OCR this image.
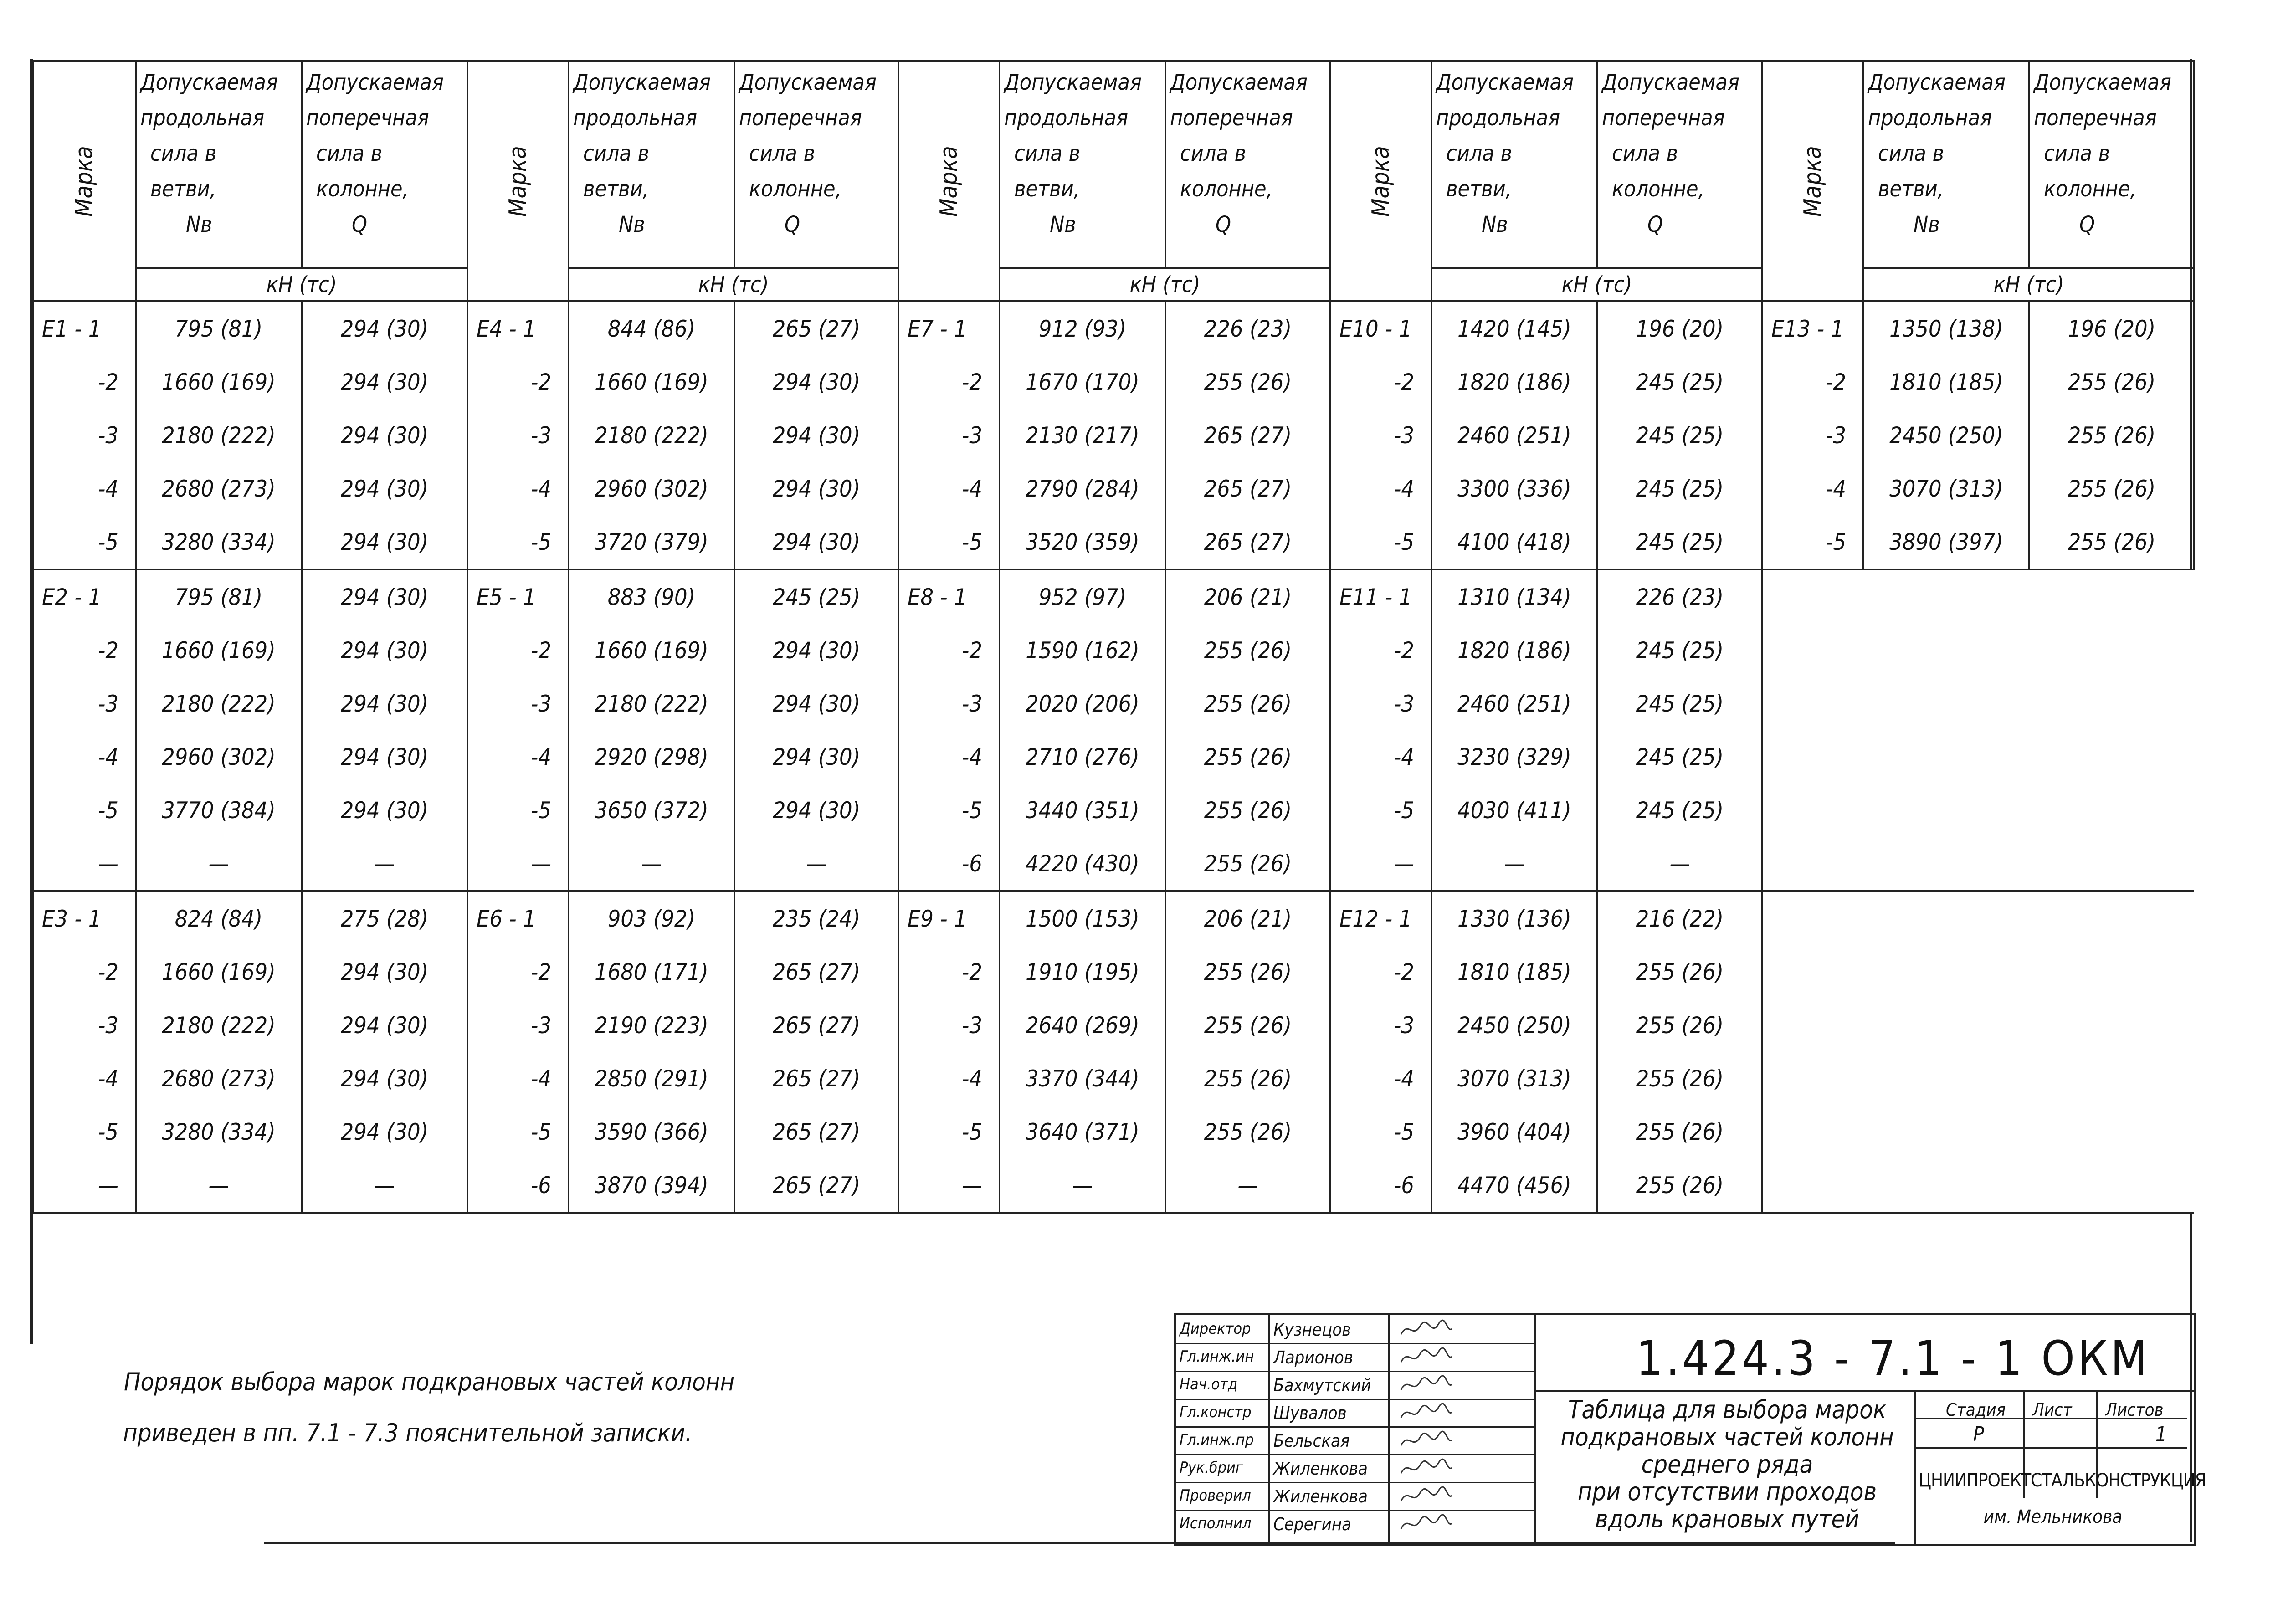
Марка	Допускаемая
продольная
сила в
ветви,
Nв	Допускаемая
поперечная
сила в
колонне,
Q	Марка	Допускаемая
продольная
сила в
ветви,
Nв	Допускаемая
поперечная
сила в
колонне,
Q	Марка	Допускаемая
продольная
сила в
ветви,
Nв	Допускаемая
поперечная
сила в
колонне,
Q	Марка	Допускаемая
продольная
сила в
ветви,
Nв	Допускаемая
поперечная
сила в
колонне,
Q	Марка	Допускаемая
продольная
сила в
ветви,
Nв	Допускаемая
поперечная
сила в
колонне,
Q

	кН (тс)			кН (тс)			кН (тс)			кН (тс)			кН (тс)	
Е1 - 1	795 (81)	294 (30)	Е4 - 1	844 (86)	265 (27)	Е7 - 1	912 (93)	226 (23)	Е10 - 1	1420 (145)	196 (20)	Е13 - 1	1350 (138)	196 (20)
-2	1660 (169)	294 (30)	-2	1660 (169)	294 (30)	-2	1670 (170)	255 (26)	-2	1820 (186)	245 (25)	-2	1810 (185)	255 (26)
-3	2180 (222)	294 (30)	-3	2180 (222)	294 (30)	-3	2130 (217)	265 (27)	-3	2460 (251)	245 (25)	-3	2450 (250)	255 (26)
-4	2680 (273)	294 (30)	-4	2960 (302)	294 (30)	-4	2790 (284)	265 (27)	-4	3300 (336)	245 (25)	-4	3070 (313)	255 (26)
-5	3280 (334)	294 (30)	-5	3720 (379)	294 (30)	-5	3520 (359)	265 (27)	-5	4100 (418)	245 (25)	-5	3890 (397)	255 (26)
Е2 - 1	795 (81)	294 (30)	Е5 - 1	883 (90)	245 (25)	Е8 - 1	952 (97)	206 (21)	Е11 - 1	1310 (134)	226 (23)			
-2	1660 (169)	294 (30)	-2	1660 (169)	294 (30)	-2	1590 (162)	255 (26)	-2	1820 (186)	245 (25)			
-3	2180 (222)	294 (30)	-3	2180 (222)	294 (30)	-3	2020 (206)	255 (26)	-3	2460 (251)	245 (25)			
-4	2960 (302)	294 (30)	-4	2920 (298)	294 (30)	-4	2710 (276)	255 (26)	-4	3230 (329)	245 (25)			
-5	3770 (384)	294 (30)	-5	3650 (372)	294 (30)	-5	3440 (351)	255 (26)	-5	4030 (411)	245 (25)			
—	—	—	—	—	—	-6	4220 (430)	255 (26)	—	—	—			
Е3 - 1	824 (84)	275 (28)	Е6 - 1	903 (92)	235 (24)	Е9 - 1	1500 (153)	206 (21)	Е12 - 1	1330 (136)	216 (22)			
-2	1660 (169)	294 (30)	-2	1680 (171)	265 (27)	-2	1910 (195)	255 (26)	-2	1810 (185)	255 (26)			
-3	2180 (222)	294 (30)	-3	2190 (223)	265 (27)	-3	2640 (269)	255 (26)	-3	2450 (250)	255 (26)			
-4	2680 (273)	294 (30)	-4	2850 (291)	265 (27)	-4	3370 (344)	255 (26)	-4	3070 (313)	255 (26)			
-5	3280 (334)	294 (30)	-5	3590 (366)	265 (27)	-5	3640 (371)	255 (26)	-5	3960 (404)	255 (26)			
—	—	—	-6	3870 (394)	265 (27)	—	—	—	-6	4470 (456)	255 (26)			
Порядок выбора марок подкрановых частей колонн
приведен в пп. 7.1 - 7.3 пояснительной записки.
Директор Кузнецов
Гл.инж.ин Ларионов
Нач.отд Бахмутский
Гл.констр Шувалов
Гл.инж.пр Бельская
Рук.бриг Жиленкова
Проверил Жиленкова
Исполнил Серегина
1.424.3 - 7.1 - 1 ОКМ
Таблица для выбора марок
подкрановых частей колонн
среднего ряда
при отсутствии проходов
вдоль крановых путей
Стадия Лист Листов
Р	1
ЦНИИПРОЕКТСТАЛЬКОНСТРУКЦИЯ
им. Мельникова
